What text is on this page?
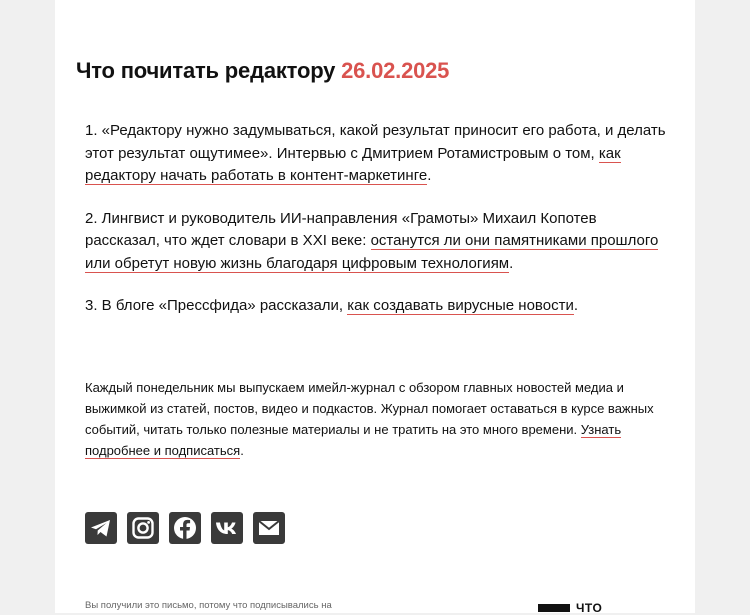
Что почитать редактору 26.02.2025

1. «Редактору нужно задумываться, какой результат приносит его работа, и делать этот результат ощутимее». Интервью с Дмитрием Ротамистровым о том, как редактору начать работать в контент-маркетинге.

2. Лингвист и руководитель ИИ-направления «Грамоты» Михаил Копотев рассказал, что ждет словари в XXI веке: останутся ли они памятниками прошлого или обретут новую жизнь благодаря цифровым технологиям.

3. В блоге «Прессфида» рассказали, как создавать вирусные новости.

Каждый понедельник мы выпускаем имейл-журнал с обзором главных новостей медиа и выжимкой из статей, постов, видео и подкастов. Журнал помогает оставаться в курсе важных событий, читать только полезные материалы и не тратить на это много времени. Узнать подробнее и подписаться.
Вы получили это письмо, потому что подписывались на	ЧТО
